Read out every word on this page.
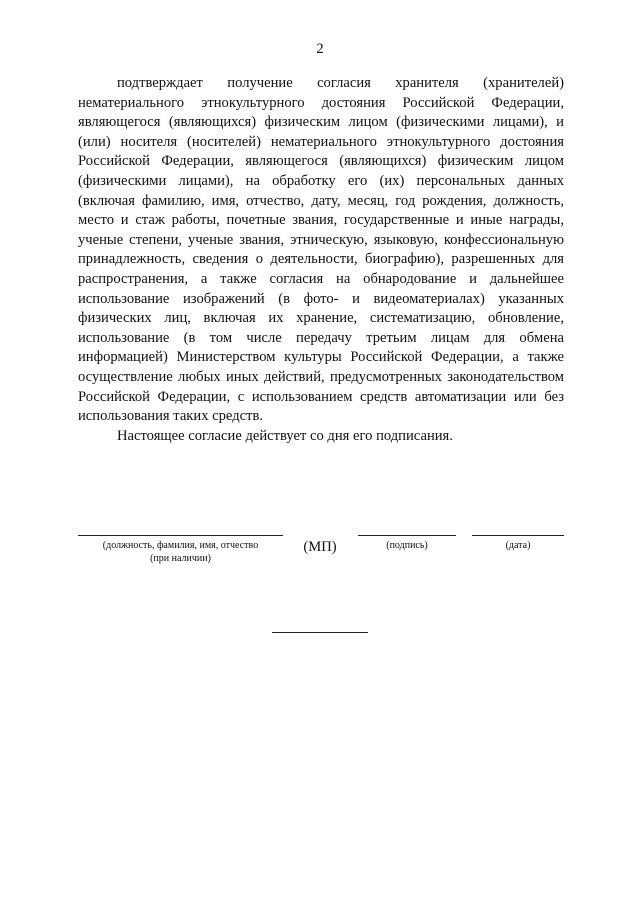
2

подтверждает получение согласия хранителя (хранителей) нематериального этнокультурного достояния Российской Федерации, являющегося (являющихся) физическим лицом (физическими лицами), и (или) носителя (носителей) нематериального этнокультурного достояния Российской Федерации, являющегося (являющихся) физическим лицом (физическими лицами), на обработку его (их) персональных данных (включая фамилию, имя, отчество, дату, месяц, год рождения, должность, место и стаж работы, почетные звания, государственные и иные награды, ученые степени, ученые звания, этническую, языковую, конфессиональную принадлежность, сведения о деятельности, биографию), разрешенных для распространения, а также согласия на обнародование и дальнейшее использование изображений (в фото- и видеоматериалах) указанных физических лиц, включая их хранение, систематизацию, обновление, использование (в том числе передачу третьим лицам для обмена информацией) Министерством культуры Российской Федерации, а также осуществление любых иных действий, предусмотренных законодательством Российской Федерации, с использованием средств автоматизации или без использования таких средств.

Настоящее согласие действует со дня его подписания.

(должность, фамилия, имя, отчество
(при наличии)
(МП)	(подпись)	(дата)
